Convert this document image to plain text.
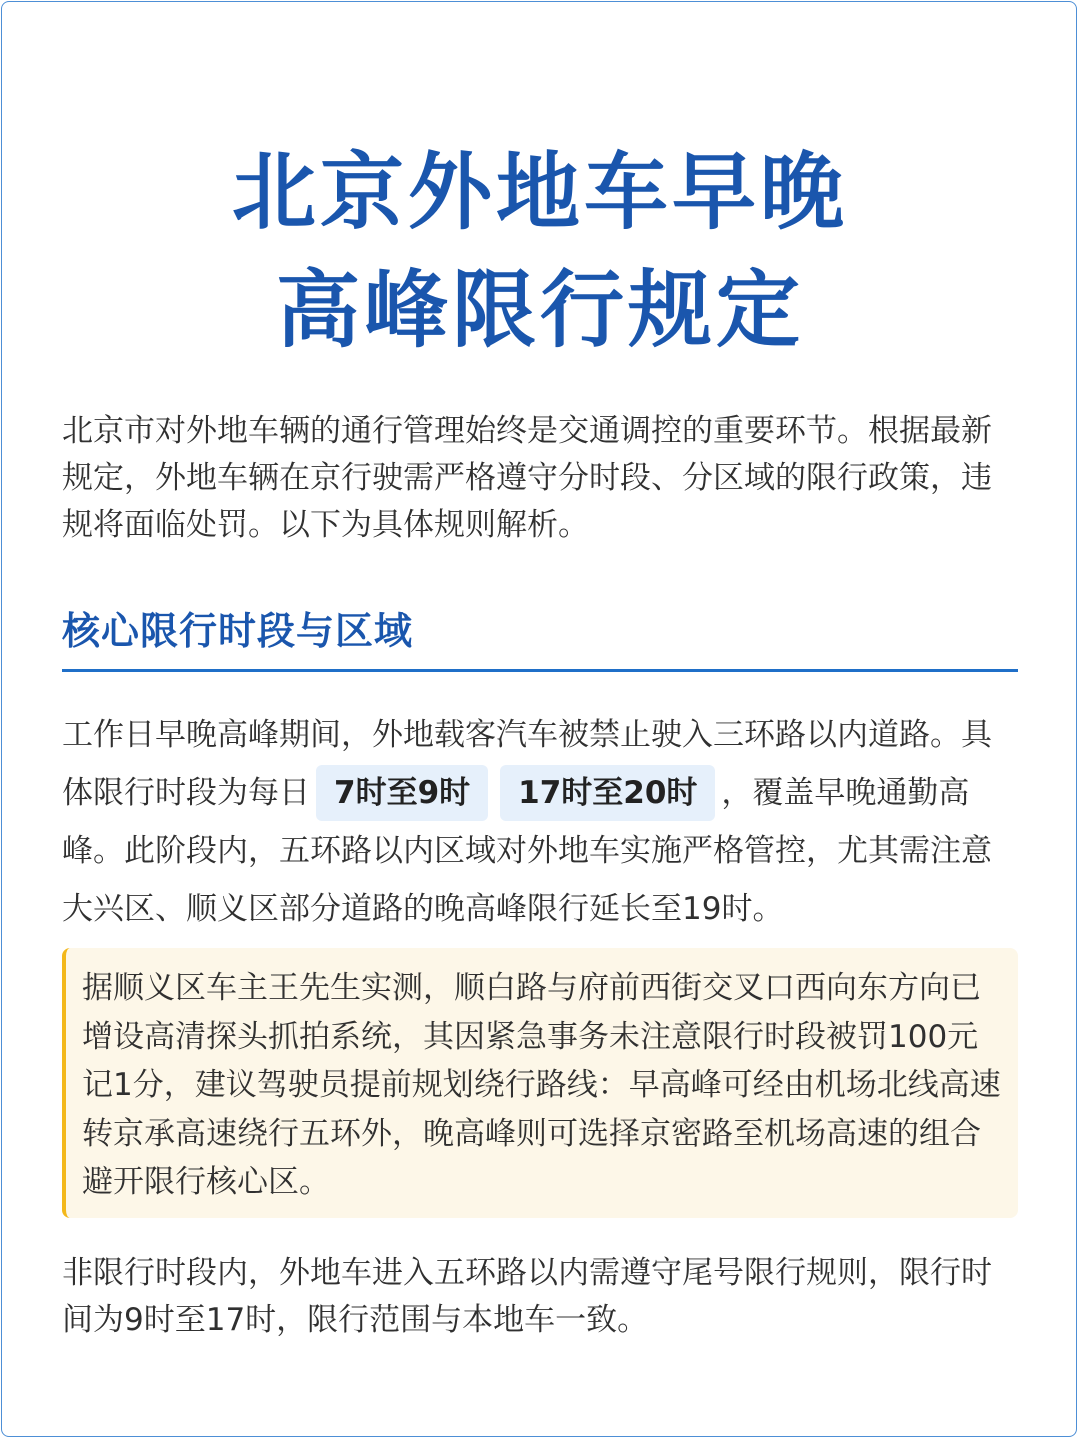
北京外地车早晚
高峰限行规定

北京市对外地车辆的通行管理始终是交通调控的重要环节。根据最新规定，外地车辆在京行驶需严格遵守分时段、分区域的限行政策，违规将面临处罚。以下为具体规则解析。

核心限行时段与区域

工作日早晚高峰期间，外地载客汽车被禁止驶入三环路以内道路。具体限行时段为每日 7时至9时 17时至20时 ，覆盖早晚通勤高峰。此阶段内，五环路以内区域对外地车实施严格管控，尤其需注意大兴区、顺义区部分道路的晚高峰限行延长至19时。

据顺义区车主王先生实测，顺白路与府前西街交叉口西向东方向已增设高清探头抓拍系统，其因紧急事务未注意限行时段被罚100元记1分，建议驾驶员提前规划绕行路线：早高峰可经由机场北线高速转京承高速绕行五环外，晚高峰则可选择京密路至机场高速的组合避开限行核心区。

非限行时段内，外地车进入五环路以内需遵守尾号限行规则，限行时间为9时至17时，限行范围与本地车一致。
